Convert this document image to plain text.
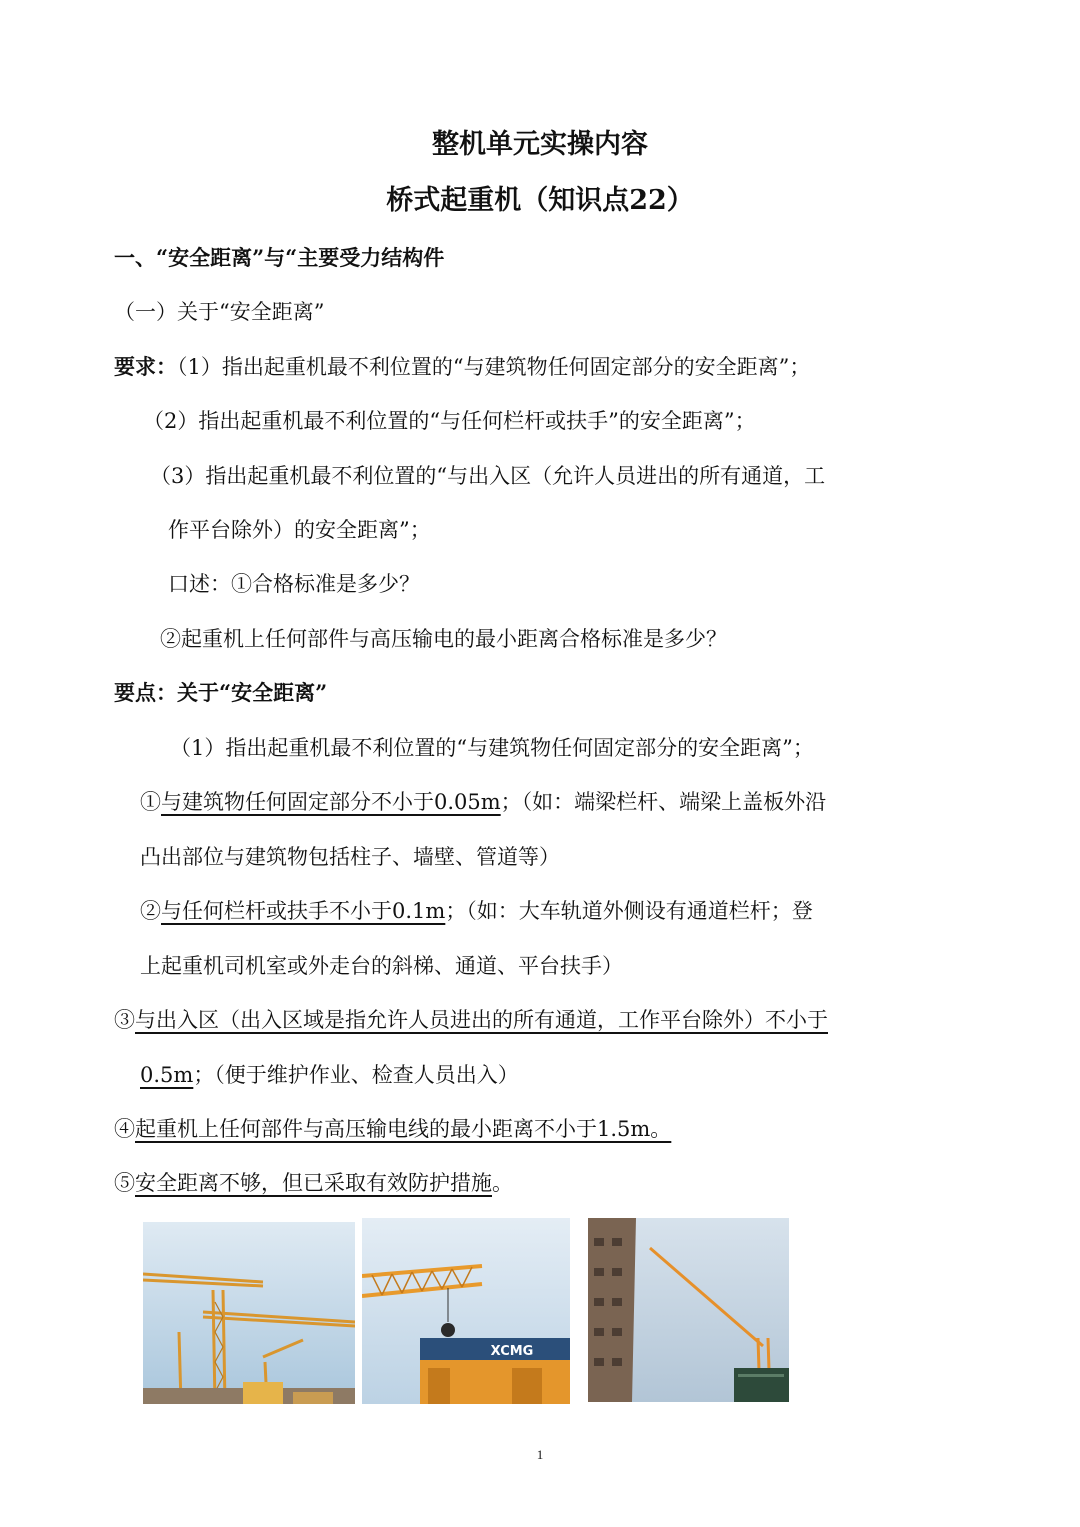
整机单元实操内容
桥式起重机（知识点22）
一、“安全距离”与“主要受力结构件
（一）关于“安全距离”
要求：（1）指出起重机最不利位置的“与建筑物任何固定部分的安全距离”；
（2）指出起重机最不利位置的“与任何栏杆或扶手”的安全距离”；
（3）指出起重机最不利位置的“与出入区（允许人员进出的所有通道，工
作平台除外）的安全距离”；
口述：①合格标准是多少？
②起重机上任何部件与高压输电的最小距离合格标准是多少？
要点：关于“安全距离”
（1）指出起重机最不利位置的“与建筑物任何固定部分的安全距离”；
①与建筑物任何固定部分不小于0.05m；（如：端梁栏杆、端梁上盖板外沿
凸出部位与建筑物包括柱子、墙壁、管道等）
②与任何栏杆或扶手不小于0.1m；（如：大车轨道外侧设有通道栏杆；登
上起重机司机室或外走台的斜梯、通道、平台扶手）
③与出入区（出入区域是指允许人员进出的所有通道，工作平台除外）不小于
0.5m；（便于维护作业、检查人员出入）
④起重机上任何部件与高压输电线的最小距离不小于1.5m。
⑤安全距离不够，但已采取有效防护措施。
XCMG
1
